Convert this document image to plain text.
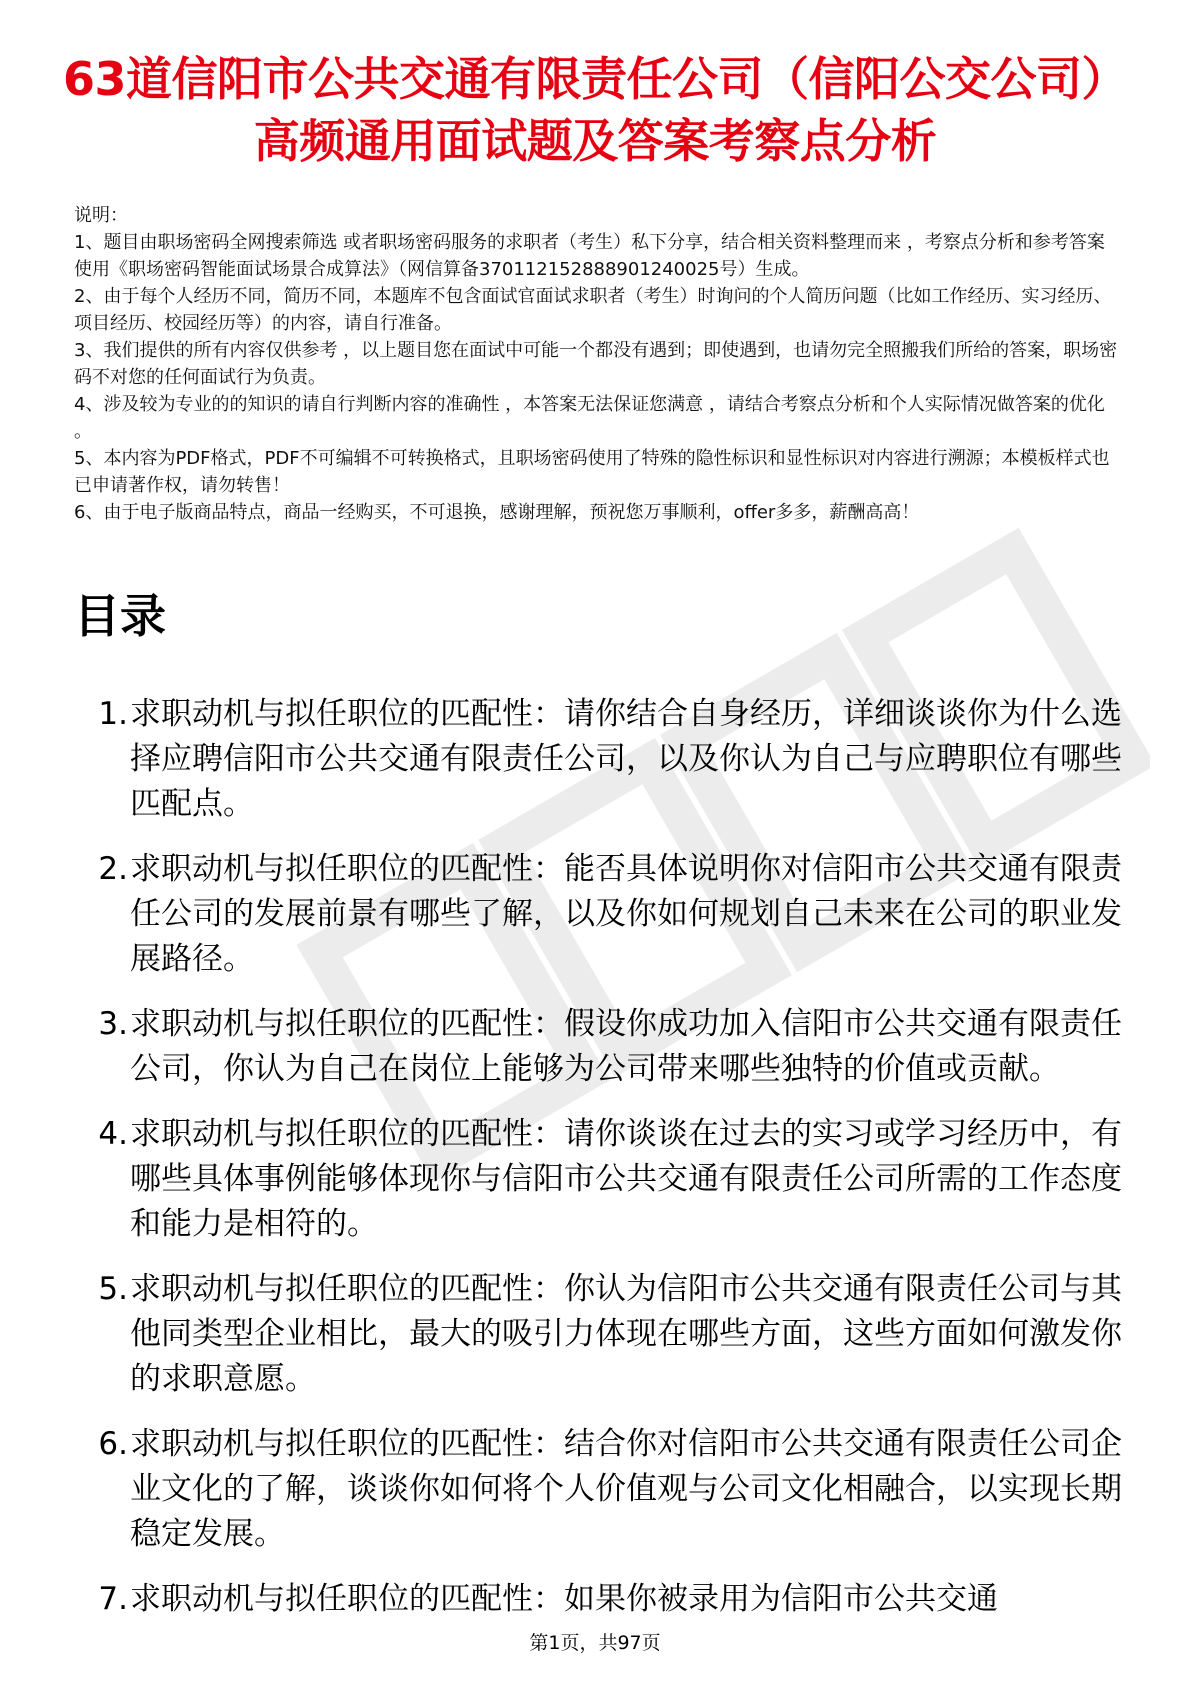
63道信阳市公共交通有限责任公司（信阳公交公司）高频通用面试题及答案考察点分析

说明：

1、题目由职场密码全网搜索筛选 或者职场密码服务的求职者（考生）私下分享，结合相关资料整理而来 ，考察点分析和参考答案使用《职场密码智能面试场景合成算法》（网信算备370112152888901240025号）生成。

2、由于每个人经历不同，简历不同，本题库不包含面试官面试求职者（考生）时询问的个人简历问题（比如工作经历、实习经历、项目经历、校园经历等）的内容，请自行准备。

3、我们提供的所有内容仅供参考 ，以上题目您在面试中可能一个都没有遇到；即使遇到，也请勿完全照搬我们所给的答案，职场密码不对您的任何面试行为负责。

4、涉及较为专业的的知识的请自行判断内容的准确性 ，本答案无法保证您满意 ，请结合考察点分析和个人实际情况做答案的优化 。

5、本内容为PDF格式，PDF不可编辑不可转换格式，且职场密码使用了特殊的隐性标识和显性标识对内容进行溯源；本模板样式也已申请著作权，请勿转售！

6、由于电子版商品特点，商品一经购买，不可退换，感谢理解，预祝您万事顺利，offer多多，薪酬高高！

目录
1. 求职动机与拟任职位的匹配性：请你结合自身经历，详细谈谈你为什么选择应聘信阳市公共交通有限责任公司，以及你认为自己与应聘职位有哪些匹配点。
2. 求职动机与拟任职位的匹配性：能否具体说明你对信阳市公共交通有限责任公司的发展前景有哪些了解，以及你如何规划自己未来在公司的职业发展路径。
3. 求职动机与拟任职位的匹配性：假设你成功加入信阳市公共交通有限责任公司，你认为自己在岗位上能够为公司带来哪些独特的价值或贡献。
4. 求职动机与拟任职位的匹配性：请你谈谈在过去的实习或学习经历中，有哪些具体事例能够体现你与信阳市公共交通有限责任公司所需的工作态度和能力是相符的。
5. 求职动机与拟任职位的匹配性：你认为信阳市公共交通有限责任公司与其他同类型企业相比，最大的吸引力体现在哪些方面，这些方面如何激发你的求职意愿。
6. 求职动机与拟任职位的匹配性：结合你对信阳市公共交通有限责任公司企业文化的了解，谈谈你如何将个人价值观与公司文化相融合，以实现长期稳定发展。
7. 求职动机与拟任职位的匹配性：如果你被录用为信阳市公共交通
第1页，共97页
